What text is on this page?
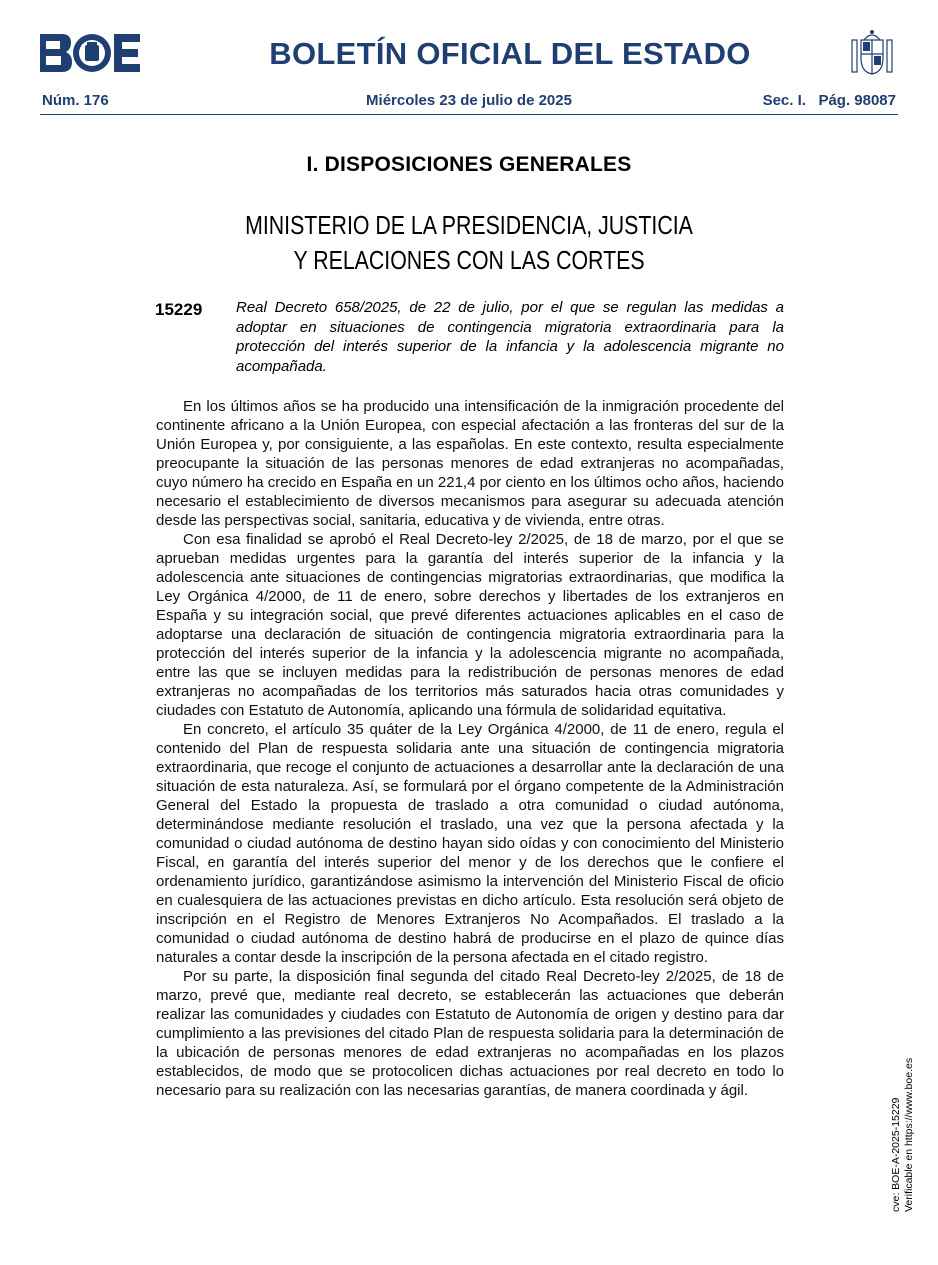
BOLETÍN OFICIAL DEL ESTADO
Núm. 176	Miércoles 23 de julio de 2025	Sec. I.   Pág. 98087
I. DISPOSICIONES GENERALES
MINISTERIO DE LA PRESIDENCIA, JUSTICIA
Y RELACIONES CON LAS CORTES
15229 Real Decreto 658/2025, de 22 de julio, por el que se regulan las medidas a adoptar en situaciones de contingencia migratoria extraordinaria para la protección del interés superior de la infancia y la adolescencia migrante no acompañada.

En los últimos años se ha producido una intensificación de la inmigración procedente del continente africano a la Unión Europea, con especial afectación a las fronteras del sur de la Unión Europea y, por consiguiente, a las españolas. En este contexto, resulta especialmente preocupante la situación de las personas menores de edad extranjeras no acompañadas, cuyo número ha crecido en España en un 221,4 por ciento en los últimos ocho años, haciendo necesario el establecimiento de diversos mecanismos para asegurar su adecuada atención desde las perspectivas social, sanitaria, educativa y de vivienda, entre otras.

Con esa finalidad se aprobó el Real Decreto-ley 2/2025, de 18 de marzo, por el que se aprueban medidas urgentes para la garantía del interés superior de la infancia y la adolescencia ante situaciones de contingencias migratorias extraordinarias, que modifica la Ley Orgánica 4/2000, de 11 de enero, sobre derechos y libertades de los extranjeros en España y su integración social, que prevé diferentes actuaciones aplicables en el caso de adoptarse una declaración de situación de contingencia migratoria extraordinaria para la protección del interés superior de la infancia y la adolescencia migrante no acompañada, entre las que se incluyen medidas para la redistribución de personas menores de edad extranjeras no acompañadas de los territorios más saturados hacia otras comunidades y ciudades con Estatuto de Autonomía, aplicando una fórmula de solidaridad equitativa.

En concreto, el artículo 35 quáter de la Ley Orgánica 4/2000, de 11 de enero, regula el contenido del Plan de respuesta solidaria ante una situación de contingencia migratoria extraordinaria, que recoge el conjunto de actuaciones a desarrollar ante la declaración de una situación de esta naturaleza. Así, se formulará por el órgano competente de la Administración General del Estado la propuesta de traslado a otra comunidad o ciudad autónoma, determinándose mediante resolución el traslado, una vez que la persona afectada y la comunidad o ciudad autónoma de destino hayan sido oídas y con conocimiento del Ministerio Fiscal, en garantía del interés superior del menor y de los derechos que le confiere el ordenamiento jurídico, garantizándose asimismo la intervención del Ministerio Fiscal de oficio en cualesquiera de las actuaciones previstas en dicho artículo. Esta resolución será objeto de inscripción en el Registro de Menores Extranjeros No Acompañados. El traslado a la comunidad o ciudad autónoma de destino habrá de producirse en el plazo de quince días naturales a contar desde la inscripción de la persona afectada en el citado registro.

Por su parte, la disposición final segunda del citado Real Decreto-ley 2/2025, de 18 de marzo, prevé que, mediante real decreto, se establecerán las actuaciones que deberán realizar las comunidades y ciudades con Estatuto de Autonomía de origen y destino para dar cumplimiento a las previsiones del citado Plan de respuesta solidaria para la determinación de la ubicación de personas menores de edad extranjeras no acompañadas en los plazos establecidos, de modo que se protocolicen dichas actuaciones por real decreto en todo lo necesario para su realización con las necesarias garantías, de manera coordinada y ágil.

cve: BOE-A-2025-15229 Verificable en https://www.boe.es
